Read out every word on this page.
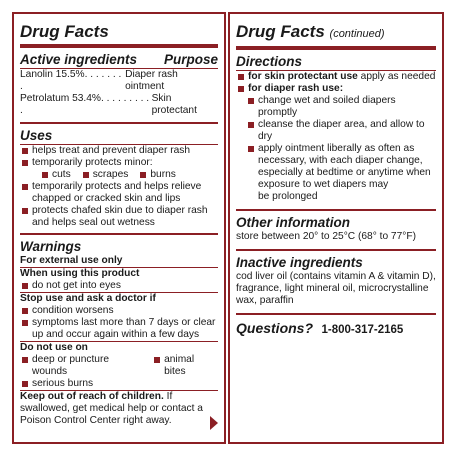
Drug Facts
Active ingredients Purpose
Lanolin 15.5%. . . . . . . .
Diaper rash ointment
Petrolatum 53.4%. . . . . . . . . .
Skin protectant
Uses
helps treat and prevent diaper rash
temporarily protects minor:
cuts scrapes burns
temporarily protects and helps relieve
chapped or cracked skin and lips
protects chafed skin due to diaper rash
and helps seal out wetness
Warnings
For external use only
When using this product
do not get into eyes
Stop use and ask a doctor if
condition worsens
symptoms last more than 7 days or clear
up and occur again within a few days
Do not use on
deep or puncture wounds
animal bites
serious burns
Keep out of reach of children. If
swallowed, get medical help or contact a
Poison Control Center right away.
Drug Facts (continued)
Directions
for skin protectant use apply as needed
for diaper rash use:
change wet and soiled diapers promptly
cleanse the diaper area, and allow to dry
apply ointment liberally as often as
necessary, with each diaper change,
especially at bedtime or anytime when
exposure to wet diapers may
be prolonged
Other information
store between 20° to 25°C (68° to 77°F)
Inactive ingredients
cod liver oil (contains vitamin A & vitamin D),
fragrance, light mineral oil, microcrystalline
wax, paraffin
Questions? 1-800-317-2165
